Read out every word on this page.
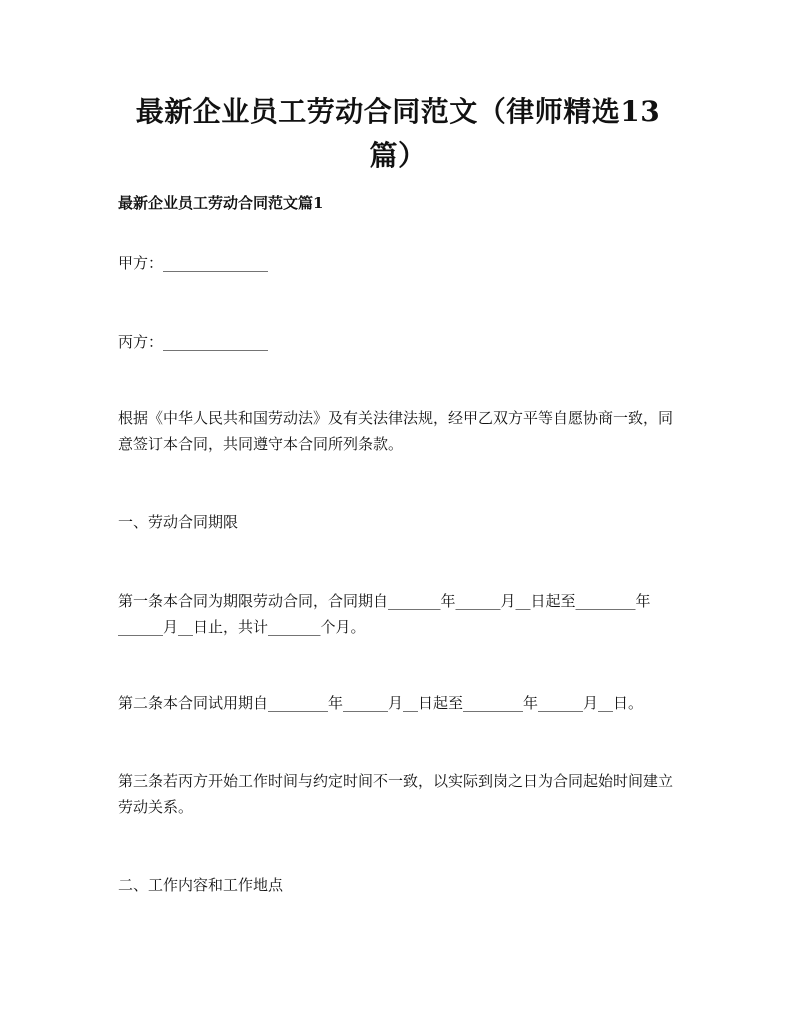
最新企业员工劳动合同范文（律师精选13篇）
最新企业员工劳动合同范文篇1
甲方：______________
丙方：______________
根据《中华人民共和国劳动法》及有关法律法规，经甲乙双方平等自愿协商一致，同意签订本合同，共同遵守本合同所列条款。
一、劳动合同期限
第一条本合同为期限劳动合同，合同期自_______年______月__日起至________年______月__日止，共计_______个月。
第二条本合同试用期自________年______月__日起至________年______月__日。
第三条若丙方开始工作时间与约定时间不一致，以实际到岗之日为合同起始时间建立劳动关系。
二、工作内容和工作地点
